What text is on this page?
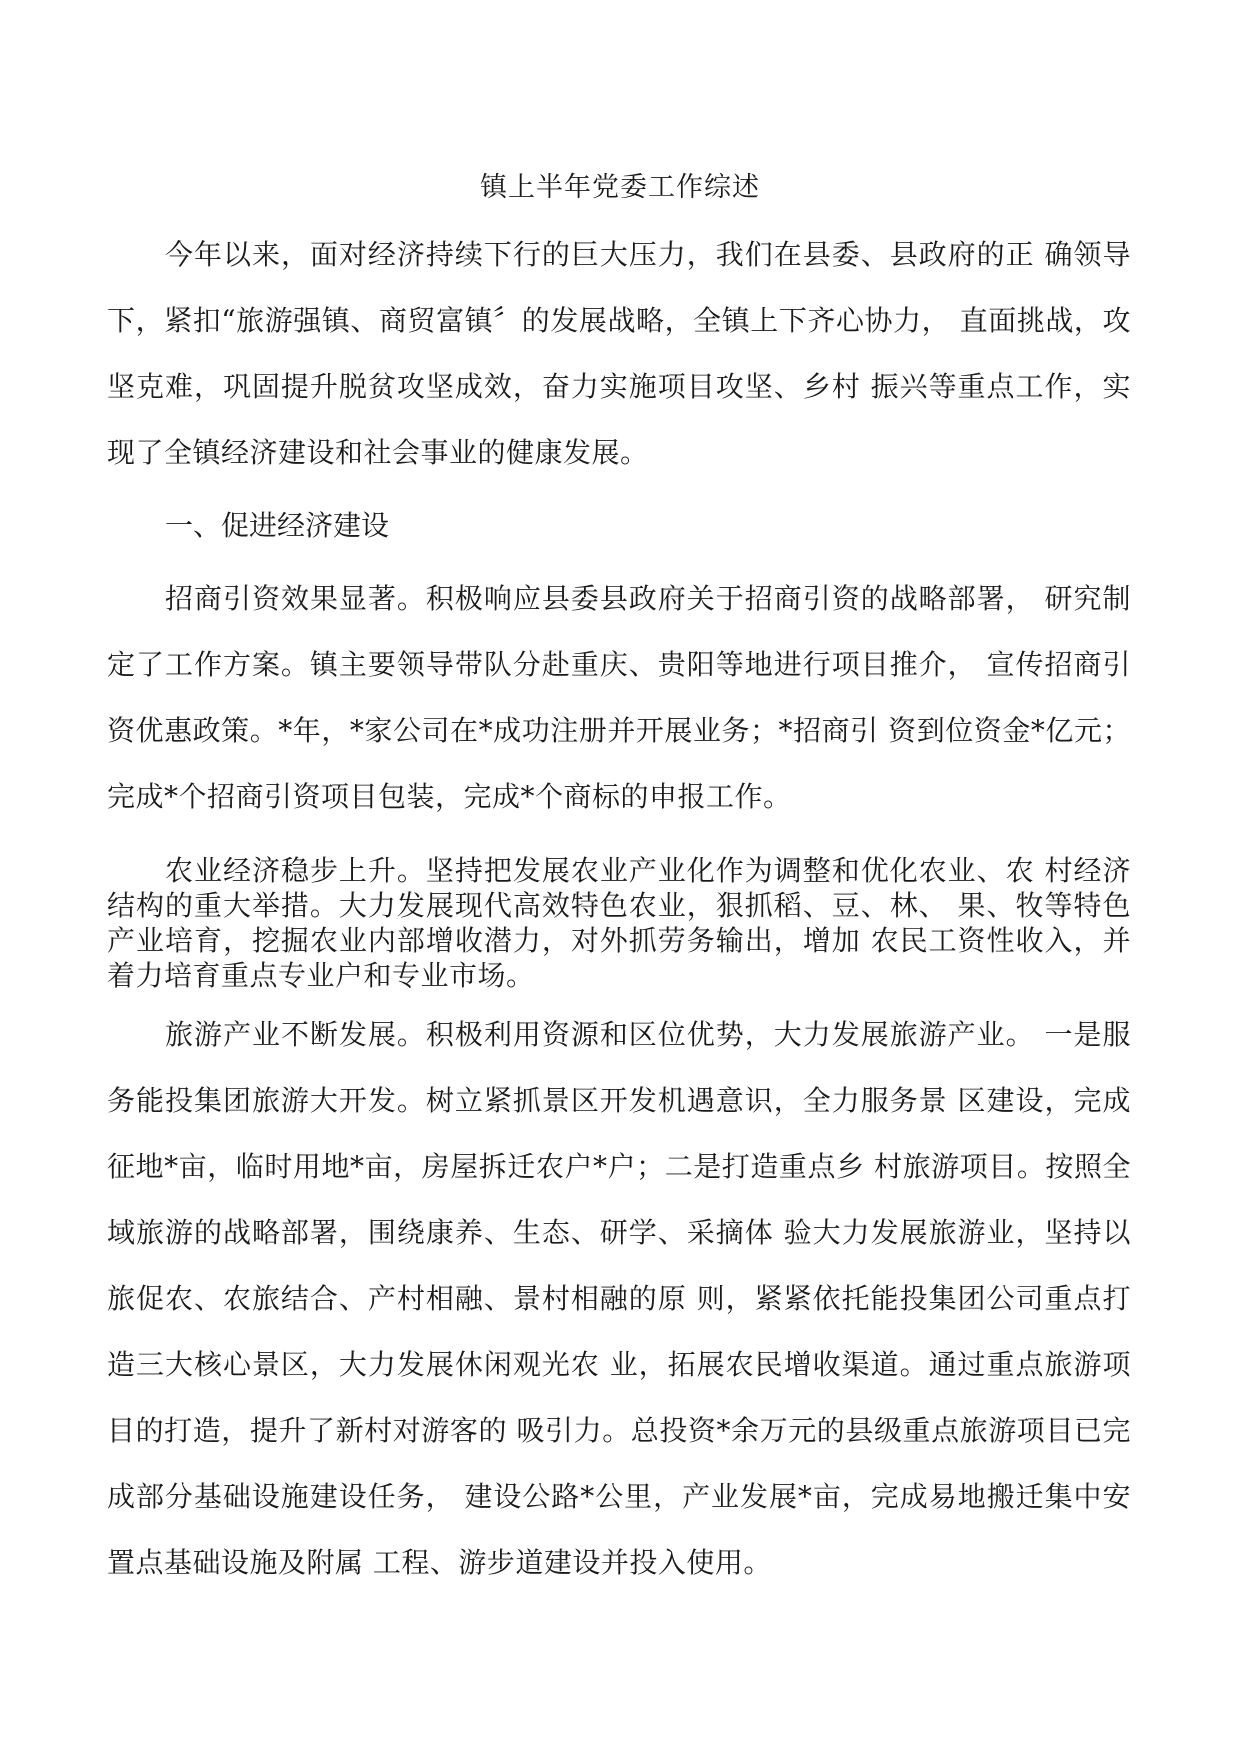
镇上半年党委工作综述

今年以来，面对经济持续下行的巨大压力，我们在县委、县政府的正 确领导下，紧扣“旅游强镇、商贸富镇〞的发展战略，全镇上下齐心协力， 直面挑战，攻坚克难，巩固提升脱贫攻坚成效，奋力实施项目攻坚、乡村 振兴等重点工作，实现了全镇经济建设和社会事业的健康发展。

一、促进经济建设

招商引资效果显著。积极响应县委县政府关于招商引资的战略部署， 研究制定了工作方案。镇主要领导带队分赴重庆、贵阳等地进行项目推介， 宣传招商引资优惠政策。*年，*家公司在*成功注册并开展业务；*招商引 资到位资金*亿元；完成*个招商引资项目包装，完成*个商标的申报工作。

农业经济稳步上升。坚持把发展农业产业化作为调整和优化农业、农 村经济结构的重大举措。大力发展现代高效特色农业，狠抓稻、豆、林、 果、牧等特色产业培育，挖掘农业内部增收潜力，对外抓劳务输出，增加 农民工资性收入，并着力培育重点专业户和专业市场。

旅游产业不断发展。积极利用资源和区位优势，大力发展旅游产业。 一是服务能投集团旅游大开发。树立紧抓景区开发机遇意识，全力服务景 区建设，完成征地*亩，临时用地*亩，房屋拆迁农户*户；二是打造重点乡 村旅游项目。按照全域旅游的战略部署，围绕康养、生态、研学、采摘体 验大力发展旅游业，坚持以旅促农、农旅结合、产村相融、景村相融的原 则，紧紧依托能投集团公司重点打造三大核心景区，大力发展休闲观光农 业，拓展农民增收渠道。通过重点旅游项目的打造，提升了新村对游客的 吸引力。总投资*余万元的县级重点旅游项目已完成部分基础设施建设任务， 建设公路*公里，产业发展*亩，完成易地搬迁集中安置点基础设施及附属 工程、游步道建设并投入使用。
